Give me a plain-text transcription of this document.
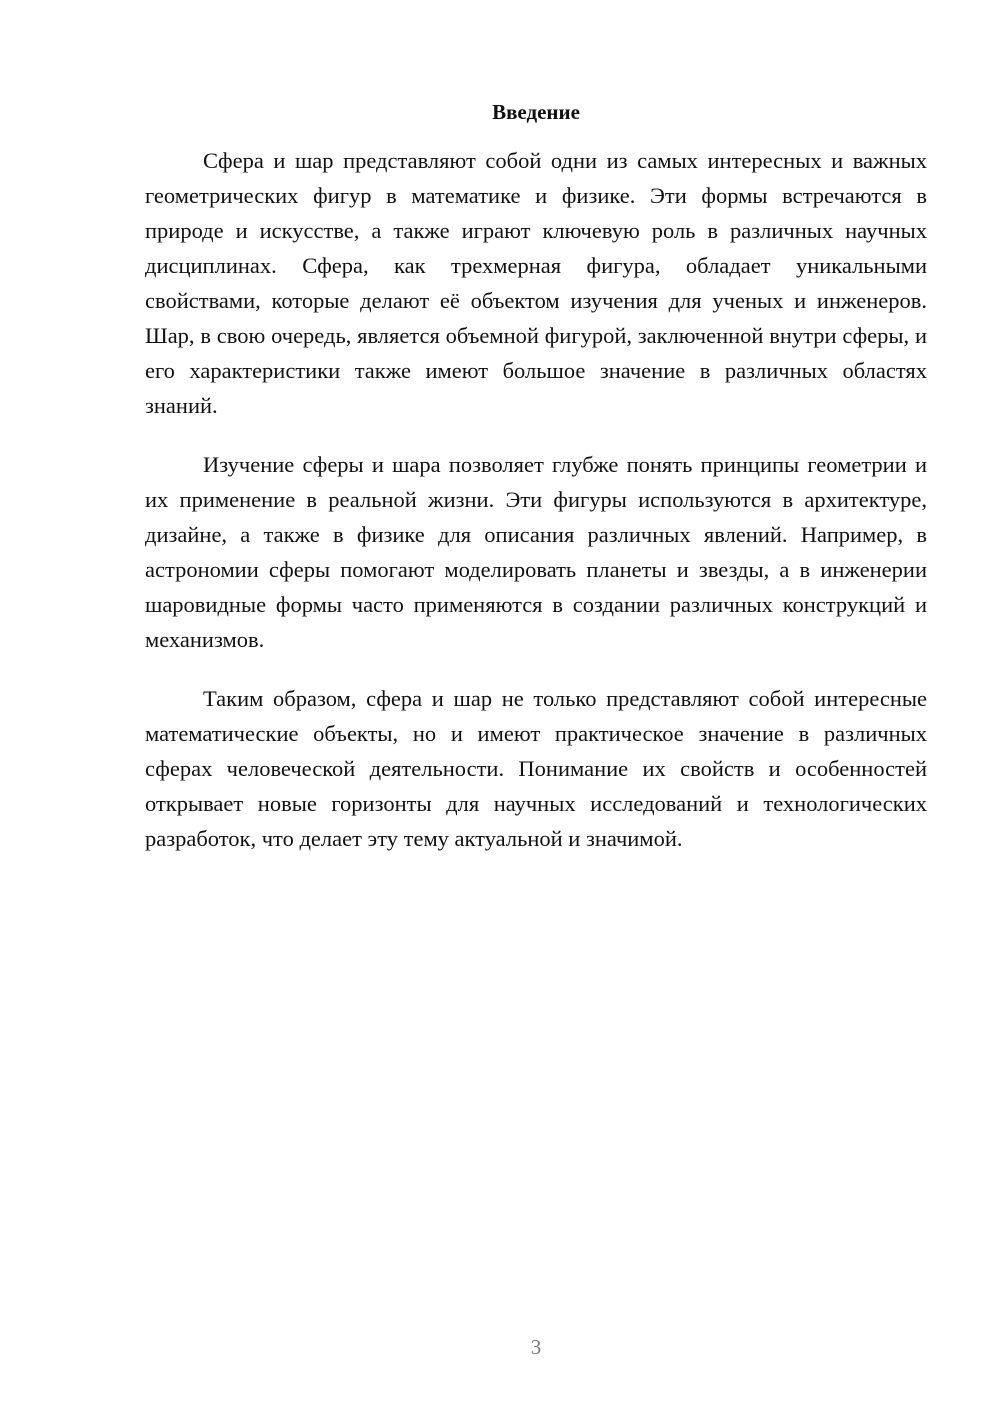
Введение

Сфера и шар представляют собой одни из самых интересных и важных геометрических фигур в математике и физике. Эти формы встречаются в природе и искусстве, а также играют ключевую роль в различных научных дисциплинах. Сфера, как трехмерная фигура, обладает уникальными свойствами, которые делают её объектом изучения для ученых и инженеров. Шар, в свою очередь, является объемной фигурой, заключенной внутри сферы, и его характеристики также имеют большое значение в различных областях знаний.

Изучение сферы и шара позволяет глубже понять принципы геометрии и их применение в реальной жизни. Эти фигуры используются в архитектуре, дизайне, а также в физике для описания различных явлений. Например, в астрономии сферы помогают моделировать планеты и звезды, а в инженерии шаровидные формы часто применяются в создании различных конструкций и механизмов.

Таким образом, сфера и шар не только представляют собой интересные математические объекты, но и имеют практическое значение в различных сферах человеческой деятельности. Понимание их свойств и особенностей открывает новые горизонты для научных исследований и технологических разработок, что делает эту тему актуальной и значимой.

3
